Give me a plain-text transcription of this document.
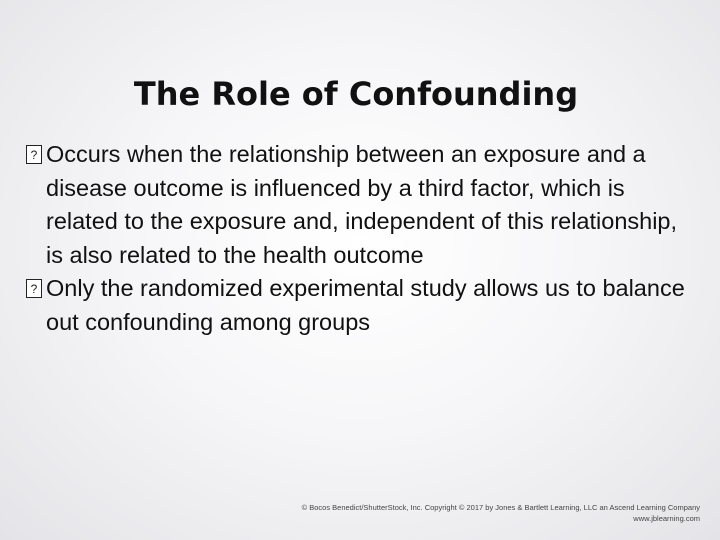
The Role of Confounding
? Occurs when the relationship between an exposure and a disease outcome is influenced by a third factor, which is related to the exposure and, independent of this relationship, is also related to the health outcome
? Only the randomized experimental study allows us to balance out confounding among groups
© Bocos Benedict/ShutterStock, Inc. Copyright © 2017 by Jones & Bartlett Learning, LLC an Ascend Learning Company
www.jblearning.com
